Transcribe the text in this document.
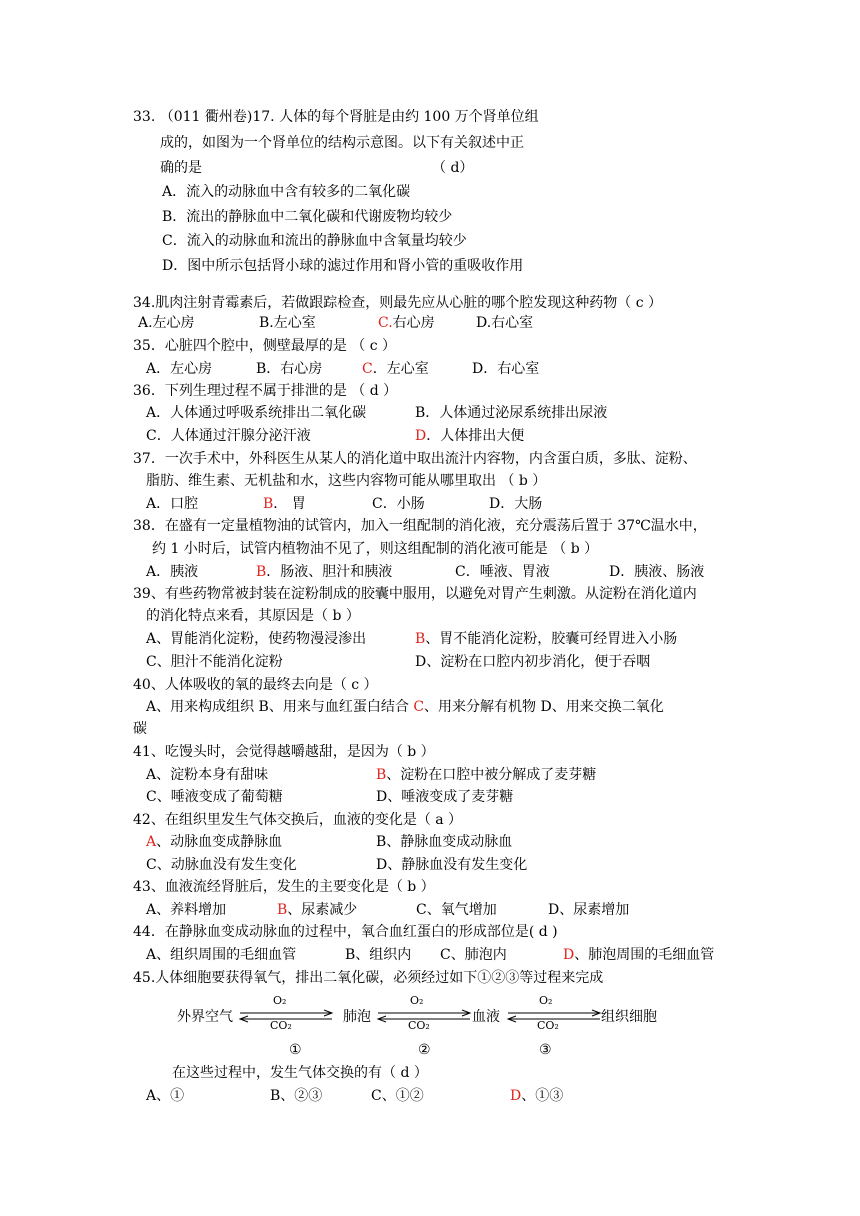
33. （011 衢州卷)17. 人体的每个肾脏是由约 100 万个肾单位组
成的，如图为一个肾单位的结构示意图。以下有关叙述中正
确的是	（ d）
A．流入的动脉血中含有较多的二氧化碳
B．流出的静脉血中二氧化碳和代谢废物均较少
C．流入的动脉血和流出的静脉血中含氧量均较少
D．图中所示包括肾小球的滤过作用和肾小管的重吸收作用
34.肌肉注射青霉素后，若做跟踪检查，则最先应从心脏的哪个腔发现这种药物（ c ）
A.左心房	B.左心室	C.右心房	D.右心室
35．心脏四个腔中，侧壁最厚的是 （ c ）
A．左心房	B．右心房	C．左心室	D．右心室
36．下列生理过程不属于排泄的是 （ d ）
A．人体通过呼吸系统排出二氧化碳	B．人体通过泌尿系统排出尿液
C．人体通过汗腺分泌汗液	D．人体排出大便
37．一次手术中，外科医生从某人的消化道中取出流汁内容物，内含蛋白质，多肽、淀粉、
脂肪、维生素、无机盐和水，这些内容物可能从哪里取出 （ b ）
A．口腔	B． 胃	C．小肠	D．大肠
38．在盛有一定量植物油的试管内，加入一组配制的消化液，充分震荡后置于 37℃温水中，
约 1 小时后，试管内植物油不见了，则这组配制的消化液可能是 （ b ）
A．胰液	B．肠液、胆汁和胰液	C．唾液、胃液	D．胰液、肠液
39、有些药物常被封装在淀粉制成的胶囊中服用，以避免对胃产生刺激。从淀粉在消化道内
的消化特点来看，其原因是（ b ）
A、胃能消化淀粉，使药物漫浸渗出	B、胃不能消化淀粉，胶囊可经胃进入小肠
C、胆汁不能消化淀粉	D、淀粉在口腔内初步消化，便于吞咽
40、人体吸收的氧的最终去向是（ c ）
A、用来构成组织 B、用来与血红蛋白结合 C、用来分解有机物 D、用来交换二氧化
碳
41、吃馒头时，会觉得越嚼越甜，是因为（ b ）
A、淀粉本身有甜味	B、淀粉在口腔中被分解成了麦芽糖
C、唾液变成了葡萄糖	D、唾液变成了麦芽糖
42、在组织里发生气体交换后，血液的变化是（ a ）
A、动脉血变成静脉血	B、静脉血变成动脉血
C、动脉血没有发生变化	D、静脉血没有发生变化
43、血液流经肾脏后，发生的主要变化是（ b ）
A、养料增加	B、尿素减少	C、氧气增加	D、尿素增加
44．在静脉血变成动脉血的过程中，氧合血红蛋白的形成部位是( d )
A、组织周围的毛细血管	B、组织内 C、肺泡内	D、肺泡周围的毛细血管
45.人体细胞要获得氧气，排出二氧化碳，必须经过如下①②③等过程来完成
外界空气	肺泡	血液	组织细胞
O₂
CO₂
①
O₂
CO₂
②
O₂
CO₂
③
在这些过程中，发生气体交换的有（ d ）
A、①	B、②③	C、①②	D、①③
